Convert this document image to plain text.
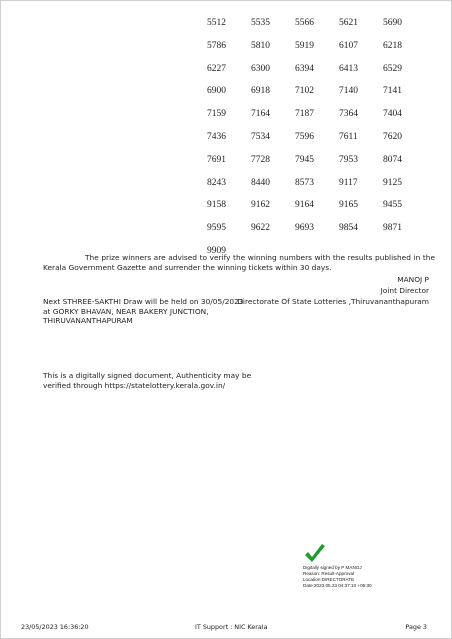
5512	5535	5566	5621	5690
5786	5810	5919	6107	6218
6227	6300	6394	6413	6529
6900	6918	7102	7140	7141
7159	7164	7187	7364	7404
7436	7534	7596	7611	7620
7691	7728	7945	7953	8074
8243	8440	8573	9117	9125
9158	9162	9164	9165	9455
9595	9622	9693	9854	9871
9909
The prize winners are advised to verify the winning numbers with the results published in the Kerala Government Gazette and surrender the winning tickets within 30 days.
MANOJ P
Joint Director
Directorate Of State Lotteries ,Thiruvananthapuram
Next STHREE-SAKTHI Draw will be held on 30/05/2023
at GORKY BHAVAN, NEAR BAKERY JUNCTION,
THIRUVANANTHAPURAM
This is a digitally signed document, Authenticity may be verified through https://statelottery.kerala.gov.in/
Digitally signed by P MANOJ
Reason: Result-Approval
Location:DIRECTORATE
Date:2023.05.23 04:37:10 +05:30
23/05/2023 16:36:20	IT Support : NIC Kerala	Page 3
